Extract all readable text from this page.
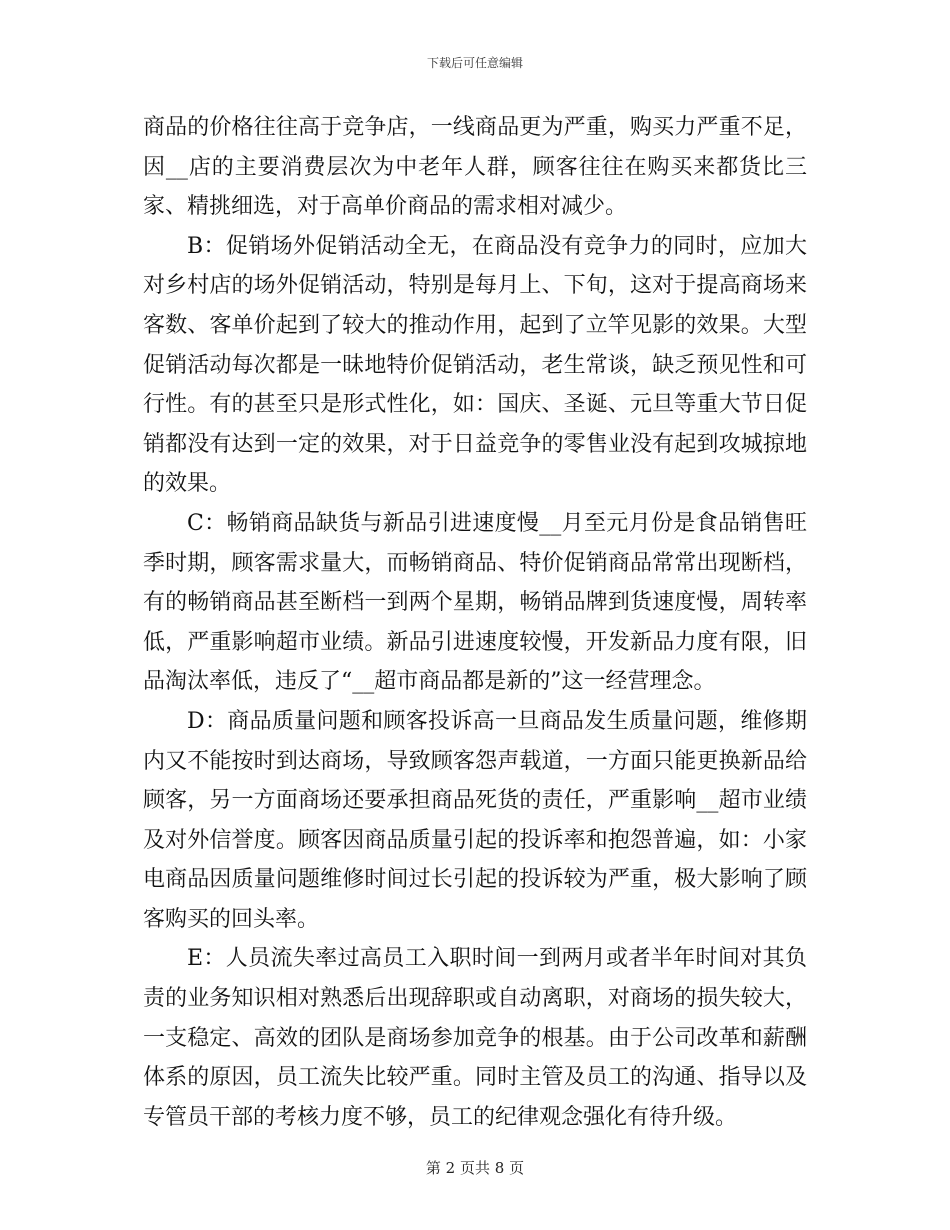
下载后可任意编辑

商品的价格往往高于竞争店，一线商品更为严重，购买力严重不足，因__店的主要消费层次为中老年人群，顾客往往在购买来都货比三家、精挑细选，对于高单价商品的需求相对减少。

B：促销场外促销活动全无，在商品没有竞争力的同时，应加大对乡村店的场外促销活动，特别是每月上、下旬，这对于提高商场来客数、客单价起到了较大的推动作用，起到了立竿见影的效果。大型促销活动每次都是一昧地特价促销活动，老生常谈，缺乏预见性和可行性。有的甚至只是形式性化，如：国庆、圣诞、元旦等重大节日促销都没有达到一定的效果，对于日益竞争的零售业没有起到攻城掠地的效果。

C：畅销商品缺货与新品引进速度慢__月至元月份是食品销售旺季时期，顾客需求量大，而畅销商品、特价促销商品常常出现断档，有的畅销商品甚至断档一到两个星期，畅销品牌到货速度慢，周转率低，严重影响超市业绩。新品引进速度较慢，开发新品力度有限，旧品淘汰率低，违反了“__超市商品都是新的”这一经营理念。

D：商品质量问题和顾客投诉高一旦商品发生质量问题，维修期内又不能按时到达商场，导致顾客怨声载道，一方面只能更换新品给顾客，另一方面商场还要承担商品死货的责任，严重影响__超市业绩及对外信誉度。顾客因商品质量引起的投诉率和抱怨普遍，如：小家电商品因质量问题维修时间过长引起的投诉较为严重，极大影响了顾客购买的回头率。

E：人员流失率过高员工入职时间一到两月或者半年时间对其负责的业务知识相对熟悉后出现辞职或自动离职，对商场的损失较大，一支稳定、高效的团队是商场参加竞争的根基。由于公司改革和薪酬体系的原因，员工流失比较严重。同时主管及员工的沟通、指导以及专管员干部的考核力度不够，员工的纪律观念强化有待升级。

第 2 页共 8 页
